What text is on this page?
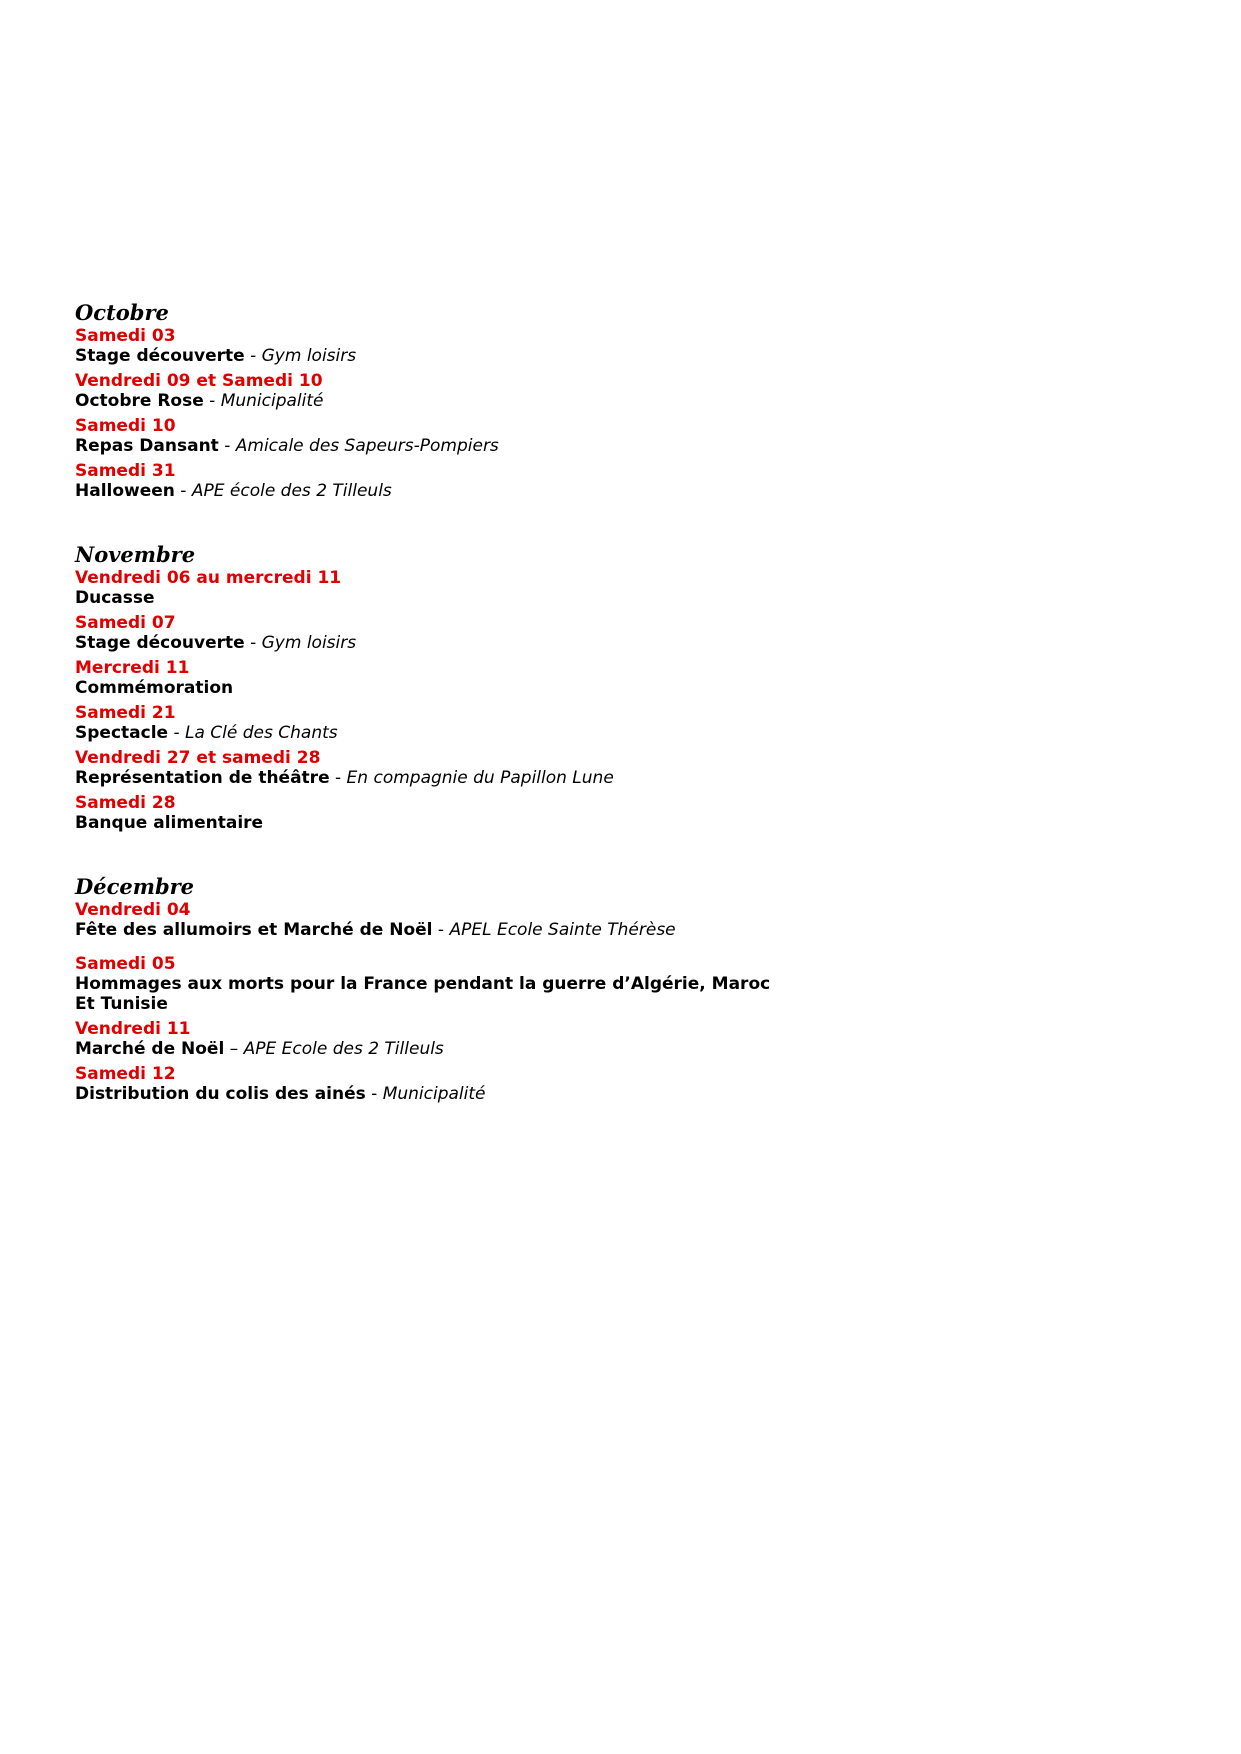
Octobre
Samedi 03
Stage découverte - Gym loisirs
Vendredi 09 et Samedi 10
Octobre Rose - Municipalité
Samedi 10
Repas Dansant - Amicale des Sapeurs-Pompiers
Samedi 31
Halloween - APE école des 2 Tilleuls
Novembre
Vendredi 06 au mercredi 11
Ducasse
Samedi 07
Stage découverte - Gym loisirs
Mercredi 11
Commémoration
Samedi 21
Spectacle - La Clé des Chants
Vendredi 27 et samedi 28
Représentation de théâtre - En compagnie du Papillon Lune
Samedi 28
Banque alimentaire
Décembre
Vendredi 04
Fête des allumoirs et Marché de Noël - APEL Ecole Sainte Thérèse
Samedi 05
Hommages aux morts pour la France pendant la guerre d’Algérie, Maroc
Et Tunisie
Vendredi 11
Marché de Noël – APE Ecole des 2 Tilleuls
Samedi 12
Distribution du colis des ainés - Municipalité
